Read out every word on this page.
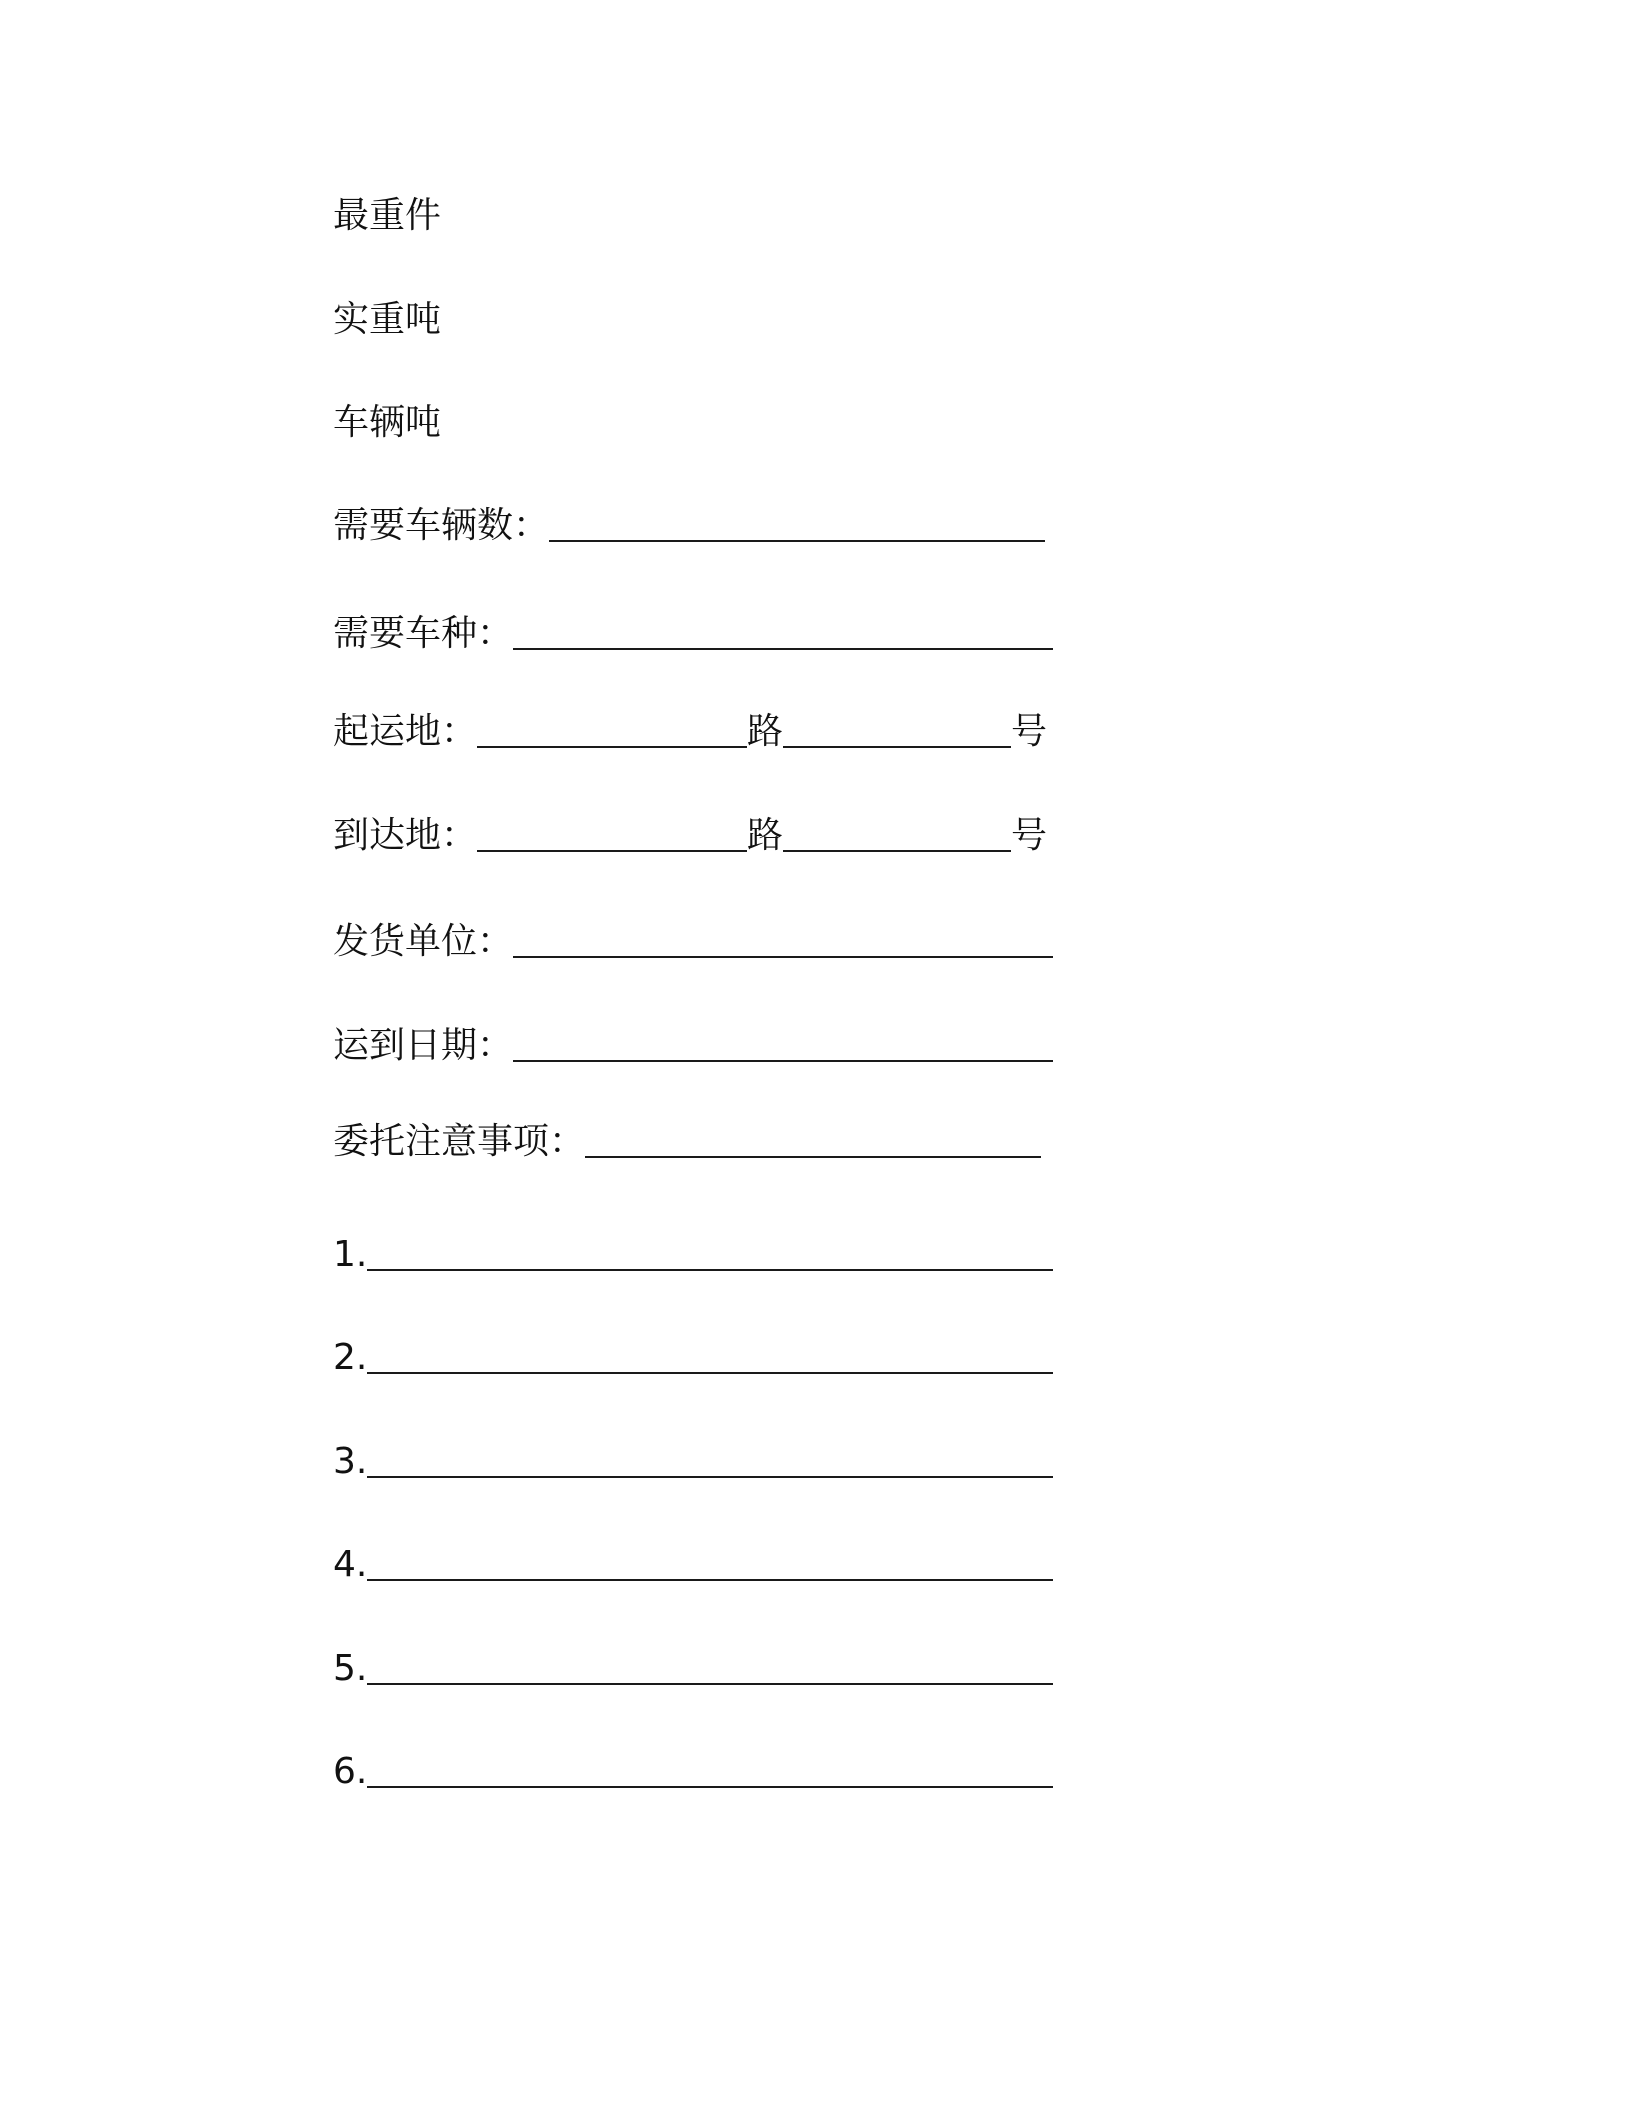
最重件
实重吨
车辆吨
需要车辆数：
需要车种：
起运地：	路	号
到达地：	路	号
发货单位：
运到日期：
委托注意事项：
1.
2.
3.
4.
5.
6.
